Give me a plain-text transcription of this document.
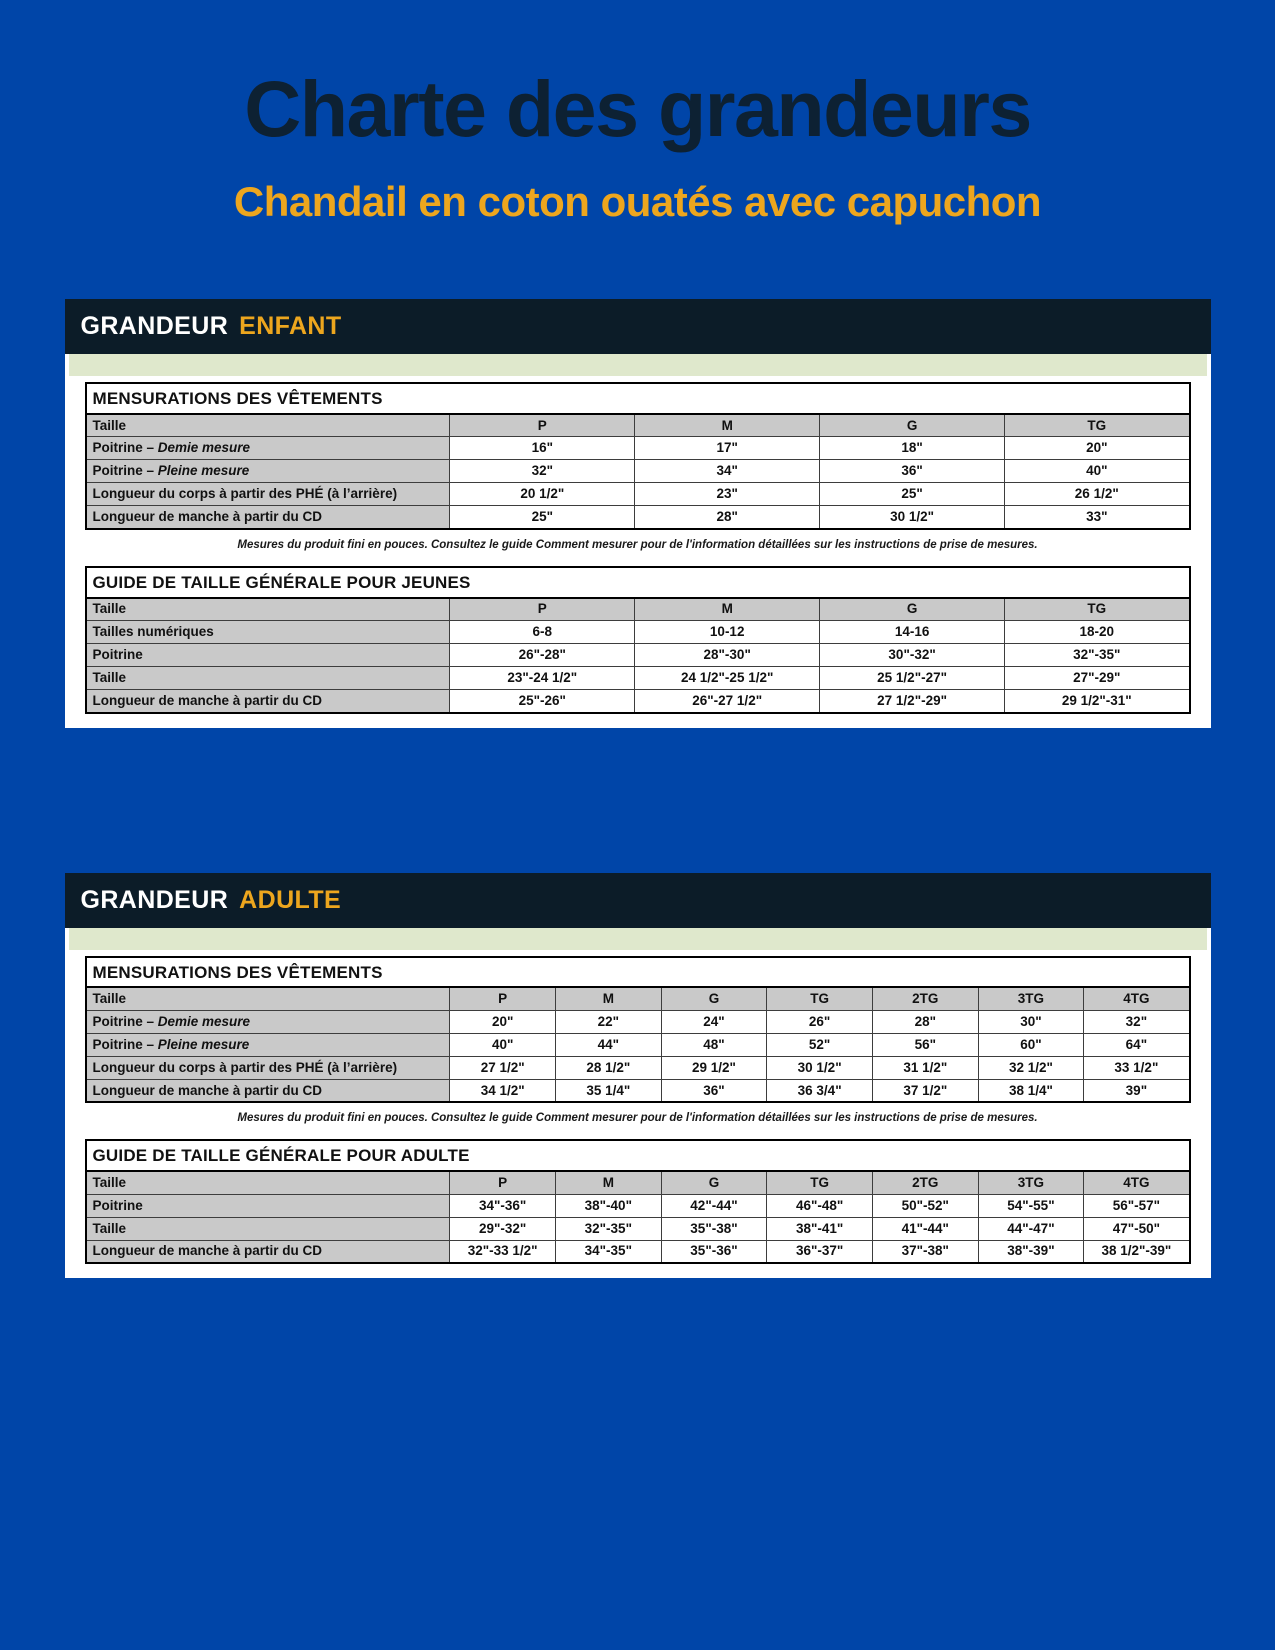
Charte des grandeurs
Chandail en coton ouatés avec capuchon
GRANDEUR ENFANT
MENSURATIONS DES VÊTEMENTS				
Taille	P	M	G	TG
Poitrine – Demie mesure	16"	17"	18"	20"
Poitrine – Pleine mesure	32"	34"	36"	40"
Longueur du corps à partir des PHÉ (à l’arrière)	20 1/2"	23"	25"	26 1/2"
Longueur de manche à partir du CD	25"	28"	30 1/2"	33"
Mesures du produit fini en pouces. Consultez le guide Comment mesurer pour de l'information détaillées sur les instructions de prise de mesures.
GUIDE DE TAILLE GÉNÉRALE POUR JEUNES				
Taille	P	M	G	TG
Tailles numériques	6-8	10-12	14-16	18-20
Poitrine	26"-28"	28"-30"	30"-32"	32"-35"
Taille	23"-24 1/2"	24 1/2"-25 1/2"	25 1/2"-27"	27"-29"
Longueur de manche à partir du CD	25"-26"	26"-27 1/2"	27 1/2"-29"	29 1/2"-31"
GRANDEUR ADULTE
MENSURATIONS DES VÊTEMENTS							
Taille	P	M	G	TG	2TG	3TG	4TG
Poitrine – Demie mesure	20"	22"	24"	26"	28"	30"	32"
Poitrine – Pleine mesure	40"	44"	48"	52"	56"	60"	64"
Longueur du corps à partir des PHÉ (à l’arrière)	27 1/2"	28 1/2"	29 1/2"	30 1/2"	31 1/2"	32 1/2"	33 1/2"
Longueur de manche à partir du CD	34 1/2"	35 1/4"	36"	36 3/4"	37 1/2"	38 1/4"	39"
Mesures du produit fini en pouces. Consultez le guide Comment mesurer pour de l'information détaillées sur les instructions de prise de mesures.
GUIDE DE TAILLE GÉNÉRALE POUR ADULTE							
Taille	P	M	G	TG	2TG	3TG	4TG
Poitrine	34"-36"	38"-40"	42"-44"	46"-48"	50"-52"	54"-55"	56"-57"
Taille	29"-32"	32"-35"	35"-38"	38"-41"	41"-44"	44"-47"	47"-50"
Longueur de manche à partir du CD	32"-33 1/2"	34"-35"	35"-36"	36"-37"	37"-38"	38"-39"	38 1/2"-39"
